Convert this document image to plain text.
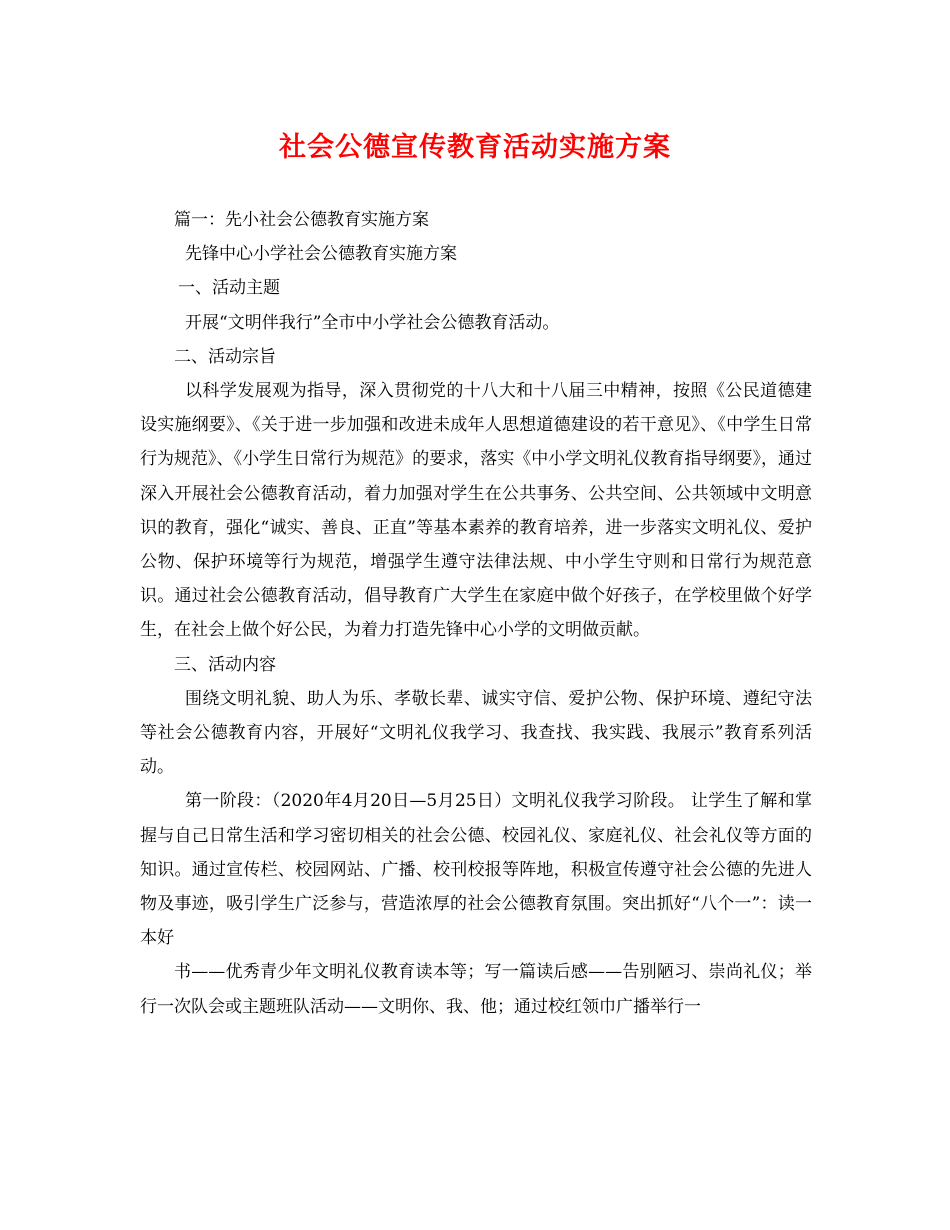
社会公德宣传教育活动实施方案

篇一：先小社会公德教育实施方案

先锋中心小学社会公德教育实施方案

一、活动主题

开展“文明伴我行”全市中小学社会公德教育活动。

二、活动宗旨

以科学发展观为指导，深入贯彻党的十八大和十八届三中精神，按照《公民道德建设实施纲要》、《关于进一步加强和改进未成年人思想道德建设的若干意见》、《中学生日常行为规范》、《小学生日常行为规范》的要求，落实《中小学文明礼仪教育指导纲要》，通过深入开展社会公德教育活动，着力加强对学生在公共事务、公共空间、公共领域中文明意识的教育，强化“诚实、善良、正直”等基本素养的教育培养，进一步落实文明礼仪、爱护公物、保护环境等行为规范，增强学生遵守法律法规、中小学生守则和日常行为规范意识。通过社会公德教育活动，倡导教育广大学生在家庭中做个好孩子，在学校里做个好学生，在社会上做个好公民，为着力打造先锋中心小学的文明做贡献。

三、活动内容

围绕文明礼貌、助人为乐、孝敬长辈、诚实守信、爱护公物、保护环境、遵纪守法等社会公德教育内容，开展好“文明礼仪我学习、我查找、我实践、我展示”教育系列活动。

第一阶段：（2020年4月20日—5月25日）文明礼仪我学习阶段。 让学生了解和掌握与自己日常生活和学习密切相关的社会公德、校园礼仪、家庭礼仪、社会礼仪等方面的知识。通过宣传栏、校园网站、广播、校刊校报等阵地，积极宣传遵守社会公德的先进人物及事迹，吸引学生广泛参与，营造浓厚的社会公德教育氛围。突出抓好“八个一”：读一本好

书——优秀青少年文明礼仪教育读本等；写一篇读后感——告别陋习、崇尚礼仪；举行一次队会或主题班队活动——文明你、我、他；通过校红领巾广播举行一
